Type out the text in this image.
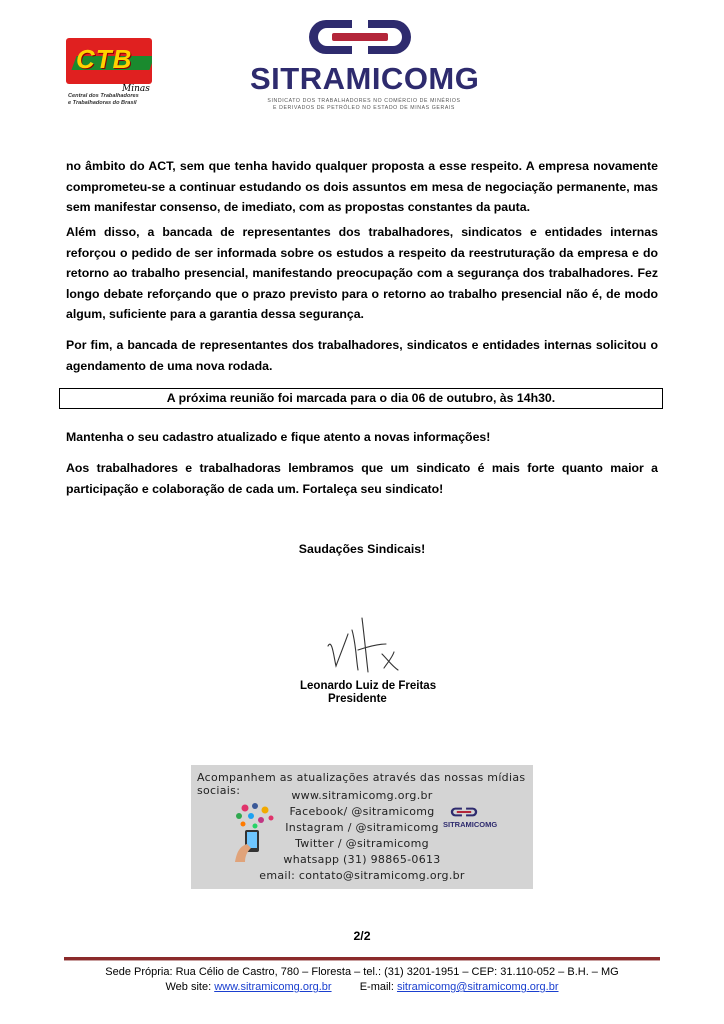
CTB
Minas
Central dos Trabalhadores
e Trabalhadoras do Brasil
SITRAMICOMG
SINDICATO DOS TRABALHADORES NO COMÉRCIO DE MINÉRIOS
E DERIVADOS DE PETRÓLEO NO ESTADO DE MINAS GERAIS
no âmbito do ACT, sem que tenha havido qualquer proposta a esse respeito. A empresa novamente comprometeu-se a continuar estudando os dois assuntos em mesa de negociação permanente, mas sem manifestar consenso, de imediato, com as propostas constantes da pauta.
Além disso, a bancada de representantes dos trabalhadores, sindicatos e entidades internas reforçou o pedido de ser informada sobre os estudos a respeito da reestruturação da empresa e do retorno ao trabalho presencial, manifestando preocupação com a segurança dos trabalhadores. Fez longo debate reforçando que o prazo previsto para o retorno ao trabalho presencial não é, de modo algum, suficiente para a garantia dessa segurança.
Por fim, a bancada de representantes dos trabalhadores, sindicatos e entidades internas solicitou o agendamento de uma nova rodada.
A próxima reunião foi marcada para o dia 06 de outubro, às 14h30.
Mantenha o seu cadastro atualizado e fique atento a novas informações!
Aos trabalhadores e trabalhadoras lembramos que um sindicato é mais forte quanto maior a participação e colaboração de cada um. Fortaleça seu sindicato!
Saudações Sindicais!
Leonardo Luiz de Freitas
Presidente
Acompanhem as atualizações através das nossas mídias sociais:	www.sitramicomg.org.br
Facebook/ @sitramicomg
Instagram / @sitramicomg
Twitter / @sitramicomg
whatsapp (31) 98865-0613
email: contato@sitramicomg.org.br
SITRAMICOMG
2/2
Sede Própria: Rua Célio de Castro, 780 – Floresta – tel.: (31) 3201-1951 – CEP: 31.110-052 – B.H. – MG
Web site: www.sitramicomg.org.br	E-mail: sitramicomg@sitramicomg.org.br
